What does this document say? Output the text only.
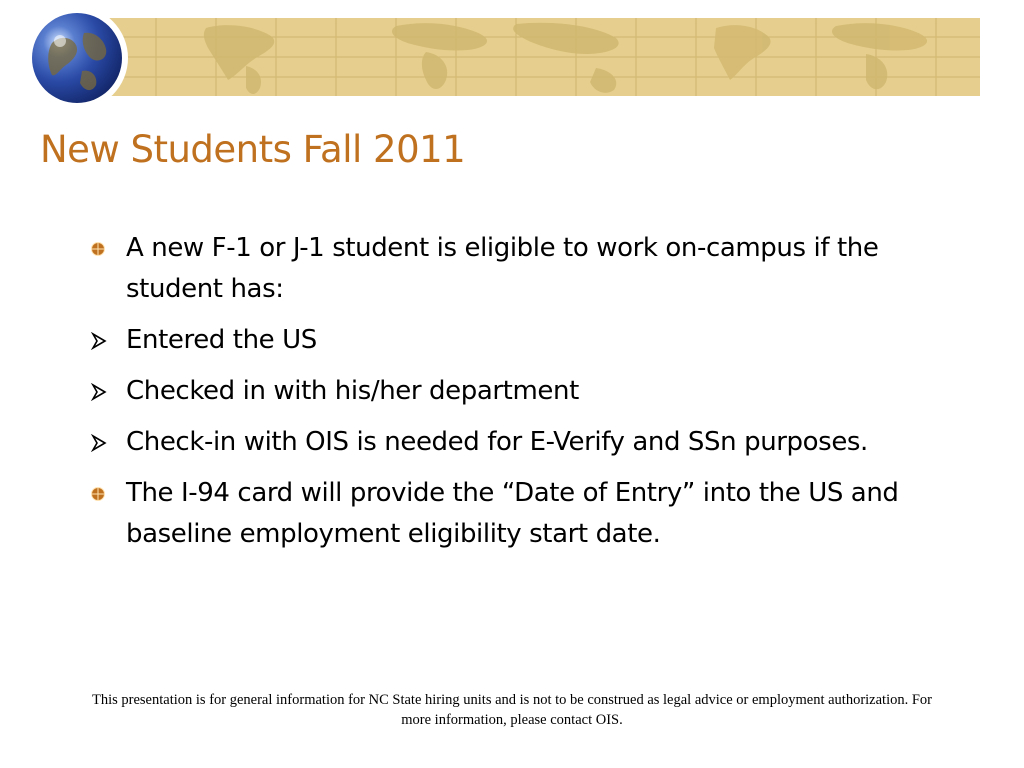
New Students Fall 2011
A new F-1 or J-1 student is eligible to work on-campus if the student has:
Entered the US
Checked in with his/her department
Check-in with OIS is needed for E-Verify and SSn purposes.
The I-94 card will provide the “Date of Entry” into the US and baseline employment eligibility start date.

This presentation is for general information for NC State hiring units and is not to be construed as legal advice or employment authorization. For more information, please contact OIS.
